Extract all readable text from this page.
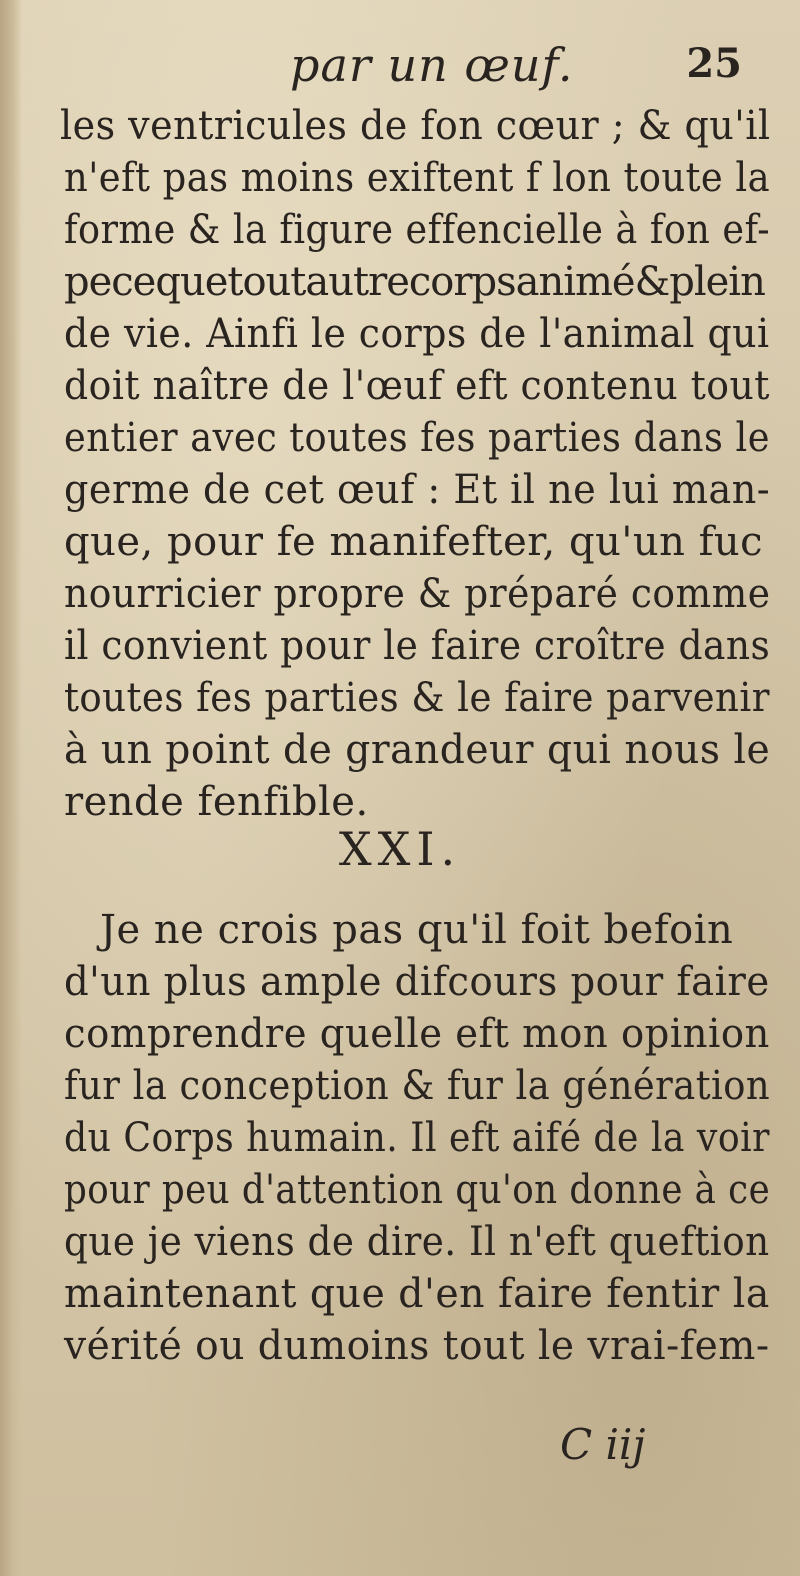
par un œuf.	25
les ventricules de fon cœur ; & qu'il
n'eft pas moins exiftent f lon toute la
forme & la figure effencielle à fon ef-
pecequetoutautrecorpsanimé&plein
de vie. Ainfi le corps de l'animal qui
doit naître de l'œuf eft contenu tout
entier avec toutes fes parties dans le
germe de cet œuf : Et il ne lui man-
que, pour fe manifefter, qu'un fuc
nourricier propre & préparé comme
il convient pour le faire croître dans
toutes fes parties & le faire parvenir
à un point de grandeur qui nous le
rende fenfible.
XXI.
Je ne crois pas qu'il foit befoin
d'un plus ample difcours pour faire
comprendre quelle eft mon opinion
fur la conception & fur la génération
du Corps humain. Il eft aifé de la voir
pour peu d'attention qu'on donne à ce
que je viens de dire. Il n'eft queftion
maintenant que d'en faire fentir la
vérité ou dumoins tout le vrai-fem-
C iij
